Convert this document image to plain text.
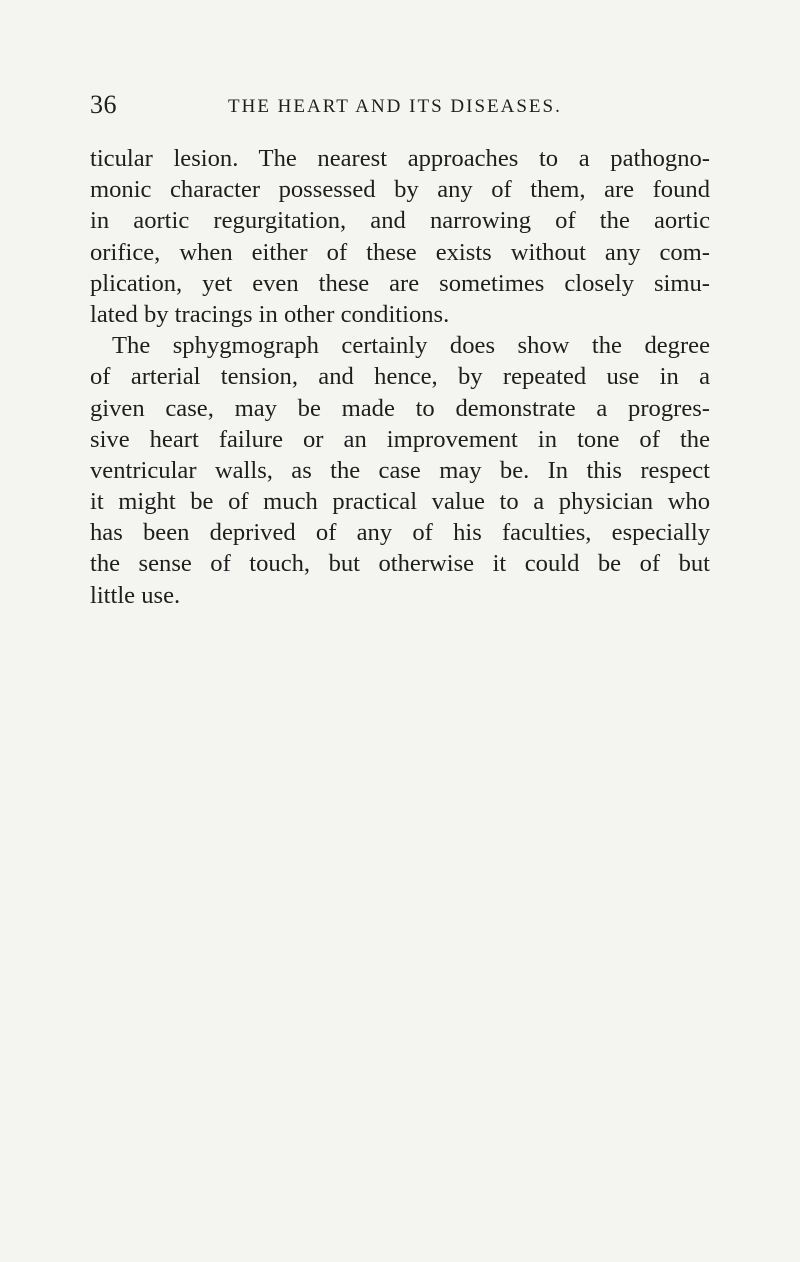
36	THE HEART AND ITS DISEASES.
ticular lesion. The nearest approaches to a pathogno-
monic character possessed by any of them, are found
in aortic regurgitation, and narrowing of the aortic
orifice, when either of these exists without any com-
plication, yet even these are sometimes closely simu-
lated by tracings in other conditions.
The sphygmograph certainly does show the degree
of arterial tension, and hence, by repeated use in a
given case, may be made to demonstrate a progres-
sive heart failure or an improvement in tone of the
ventricular walls, as the case may be. In this respect
it might be of much practical value to a physician who
has been deprived of any of his faculties, especially
the sense of touch, but otherwise it could be of but
little use.
